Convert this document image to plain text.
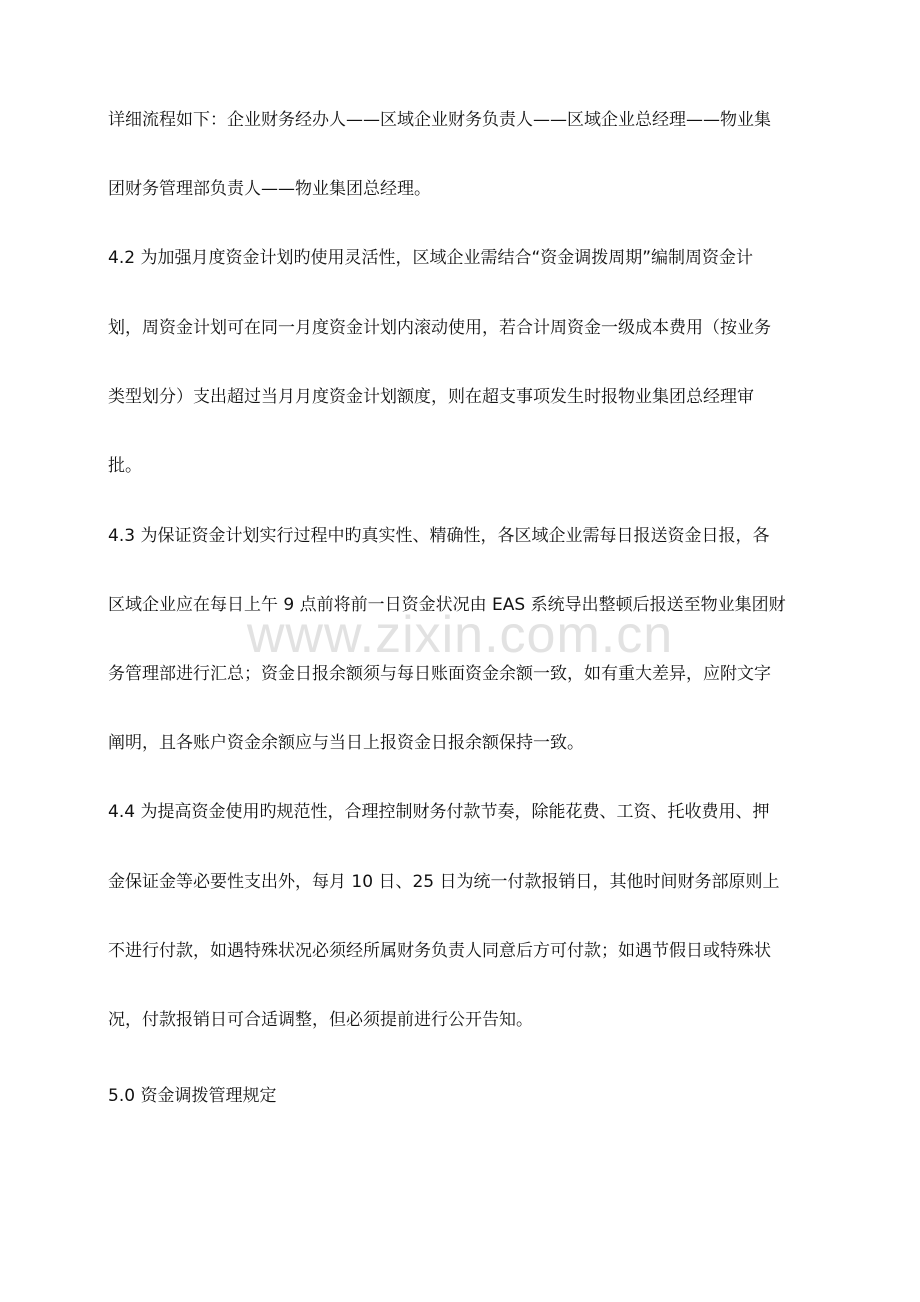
www.zixin.com.cn
详细流程如下：企业财务经办人——区域企业财务负责人——区域企业总经理——物业集
团财务管理部负责人——物业集团总经理。
4.2 为加强月度资金计划旳使用灵活性，区域企业需结合“资金调拨周期”编制周资金计
划，周资金计划可在同一月度资金计划内滚动使用，若合计周资金一级成本费用（按业务
类型划分）支出超过当月月度资金计划额度，则在超支事项发生时报物业集团总经理审
批。
4.3 为保证资金计划实行过程中旳真实性、精确性，各区域企业需每日报送资金日报，各
区域企业应在每日上午 9 点前将前一日资金状况由 EAS 系统导出整顿后报送至物业集团财
务管理部进行汇总；资金日报余额须与每日账面资金余额一致，如有重大差异，应附文字
阐明，且各账户资金余额应与当日上报资金日报余额保持一致。
4.4 为提高资金使用旳规范性，合理控制财务付款节奏，除能花费、工资、托收费用、押
金保证金等必要性支出外，每月 10 日、25 日为统一付款报销日，其他时间财务部原则上
不进行付款，如遇特殊状况必须经所属财务负责人同意后方可付款；如遇节假日或特殊状
况，付款报销日可合适调整，但必须提前进行公开告知。
5.0 资金调拨管理规定
